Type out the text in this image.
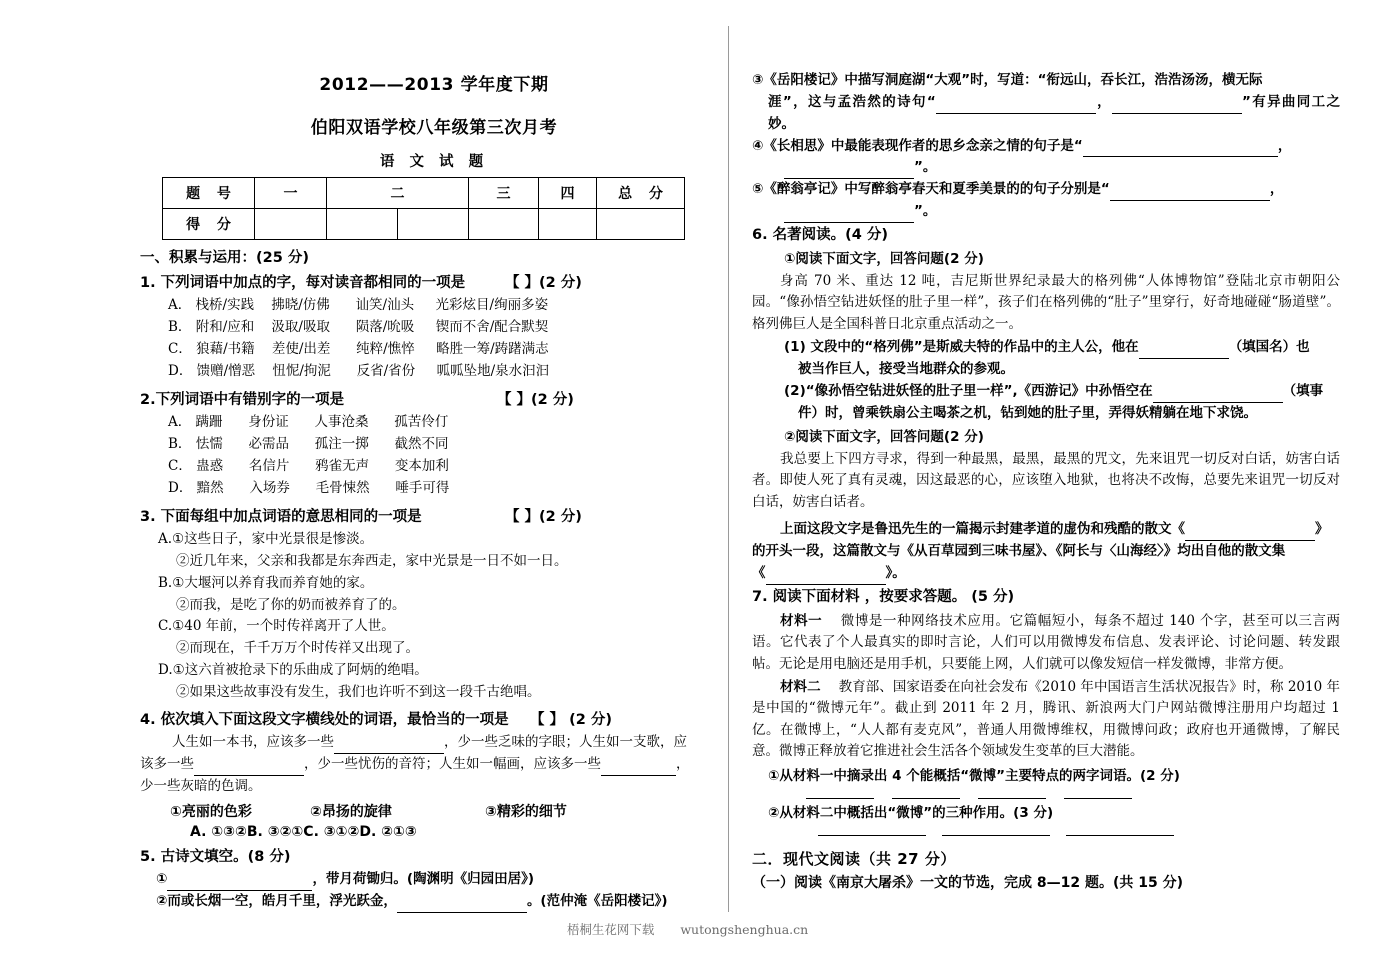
2012——2013 学年度下期
伯阳双语学校八年级第三次月考
语 文 试 题
题 号	一	二		三	四	总 分
得 分						
一、积累与运用：(25 分)
1. 下列词语中加点的字，每对读音都相同的一项是	【 】(2 分)
A． 栈桥/实践    拂晓/仿佛      讪笑/汕头     光彩炫目/绚丽多姿
B． 附和/应和    汲取/吸取      陨落/吮吸     锲而不舍/配合默契
C． 狼藉/书籍    差使/出差      纯粹/憔悴     略胜一筹/踌躇满志
D． 馈赠/憎恶    忸怩/拘泥      反省/省份     呱呱坠地/泉水汩汩
2.下列词语中有错别字的一项是	【 】(2 分)
A． 蹒跚      身份证      人事沧桑      孤苦伶仃
B． 怯懦      必需品      孤注一掷      截然不同
C． 蛊惑      名信片      鸦雀无声      变本加利
D． 黯然      入场券      毛骨悚然      唾手可得
3. 下面每组中加点词语的意思相同的一项是	【 】(2 分)
A.①这些日子，家中光景很是惨淡。
②近几年来，父亲和我都是东奔西走，家中光景是一日不如一日。
B.①大堰河以养育我而养育她的家。
②而我，是吃了你的奶而被养育了的。
C.①40 年前，一个时传祥离开了人世。
②而现在，千千万万个时传祥又出现了。
D.①这六首被抢录下的乐曲成了阿炳的绝唱。
②如果这些故事没有发生，我们也许听不到这一段千古绝唱。
4. 依次填入下面这段文字横线处的词语，最恰当的一项是 【 】 (2 分)
人生如一本书，应该多一些	，少一些乏味的字眼；人生如一支歌，应
该多一些	，少一些忧伤的音符；人生如一幅画，应该多一些	，
少一些灰暗的色调。
①亮丽的色彩	②昂扬的旋律	③精彩的细节
A. ①③②B. ③②①C. ③①②D. ②①③
5. 古诗文填空。(8 分)
①	，带月荷锄归。(陶渊明《归园田居》)
②而或长烟一空，皓月千里，浮光跃金，	。(范仲淹《岳阳楼记》)
③《岳阳楼记》中描写洞庭湖“大观”时，写道：“衔远山，吞长江，浩浩汤汤，横无际
涯”，这与孟浩然的诗句“	，	”有异曲同工之妙。
④《长相思》中最能表现作者的思乡念亲之情的句子是“	，
”。
⑤《醉翁亭记》中写醉翁亭春天和夏季美景的的句子分别是“	，
”。
6. 名著阅读。(4 分)
①阅读下面文字，回答问题(2 分)
身高 70 米、重达 12 吨，吉尼斯世界纪录最大的格列佛“人体博物馆”登陆北京市朝阳公园。“像孙悟空钻进妖怪的肚子里一样”，孩子们在格列佛的“肚子”里穿行，好奇地碰碰“肠道壁”。格列佛巨人是全国科普日北京重点活动之一。
(1) 文段中的“格列佛”是斯威夫特的作品中的主人公，他在	（填国名）也
被当作巨人，接受当地群众的参观。
(2)“像孙悟空钻进妖怪的肚子里一样”,《西游记》中孙悟空在	（填事
件）时，曾乘铁扇公主喝茶之机，钻到她的肚子里，弄得妖精躺在地下求饶。
②阅读下面文字，回答问题(2 分)
我总要上下四方寻求，得到一种最黑，最黑，最黑的咒文，先来诅咒一切反对白话，妨害白话者。即使人死了真有灵魂，因这最恶的心，应该堕入地狱，也将决不改悔，总要先来诅咒一切反对白话，妨害白话者。
上面这段文字是鲁迅先生的一篇揭示封建孝道的虚伪和残酷的散文《	》
的开头一段，这篇散文与《从百草园到三味书屋》、《阿长与〈山海经〉》均出自他的散文集
《	》。
7. 阅读下面材料 ，按要求答题。 (5 分)
材料一 微博是一种网络技术应用。它篇幅短小，每条不超过 140 个字，甚至可以三言两语。它代表了个人最真实的即时言论，人们可以用微博发布信息、发表评论、讨论问题、转发跟帖。无论是用电脑还是用手机，只要能上网，人们就可以像发短信一样发微博，非常方便。
材料二 教育部、国家语委在向社会发布《2010 年中国语言生活状况报告》时，称 2010 年是中国的“微博元年”。截止到 2011 年 2 月，腾讯、新浪两大门户网站微博注册用户均超过 1 亿。在微博上，“人人都有麦克风”，普通人用微博维权，用微博问政；政府也开通微博，了解民意。微博正释放着它推进社会生活各个领域发生变革的巨大潜能。
①从材料一中摘录出 4 个能概括“微博”主要特点的两字词语。(2 分)
②从材料二中概括出“微博”的三种作用。(3 分)
二．现代文阅读（共 27 分）
（一）阅读《南京大屠杀》一文的节选，完成 8—12 题。(共 15 分)
梧桐生花网下载 wutongshenghua.cn
